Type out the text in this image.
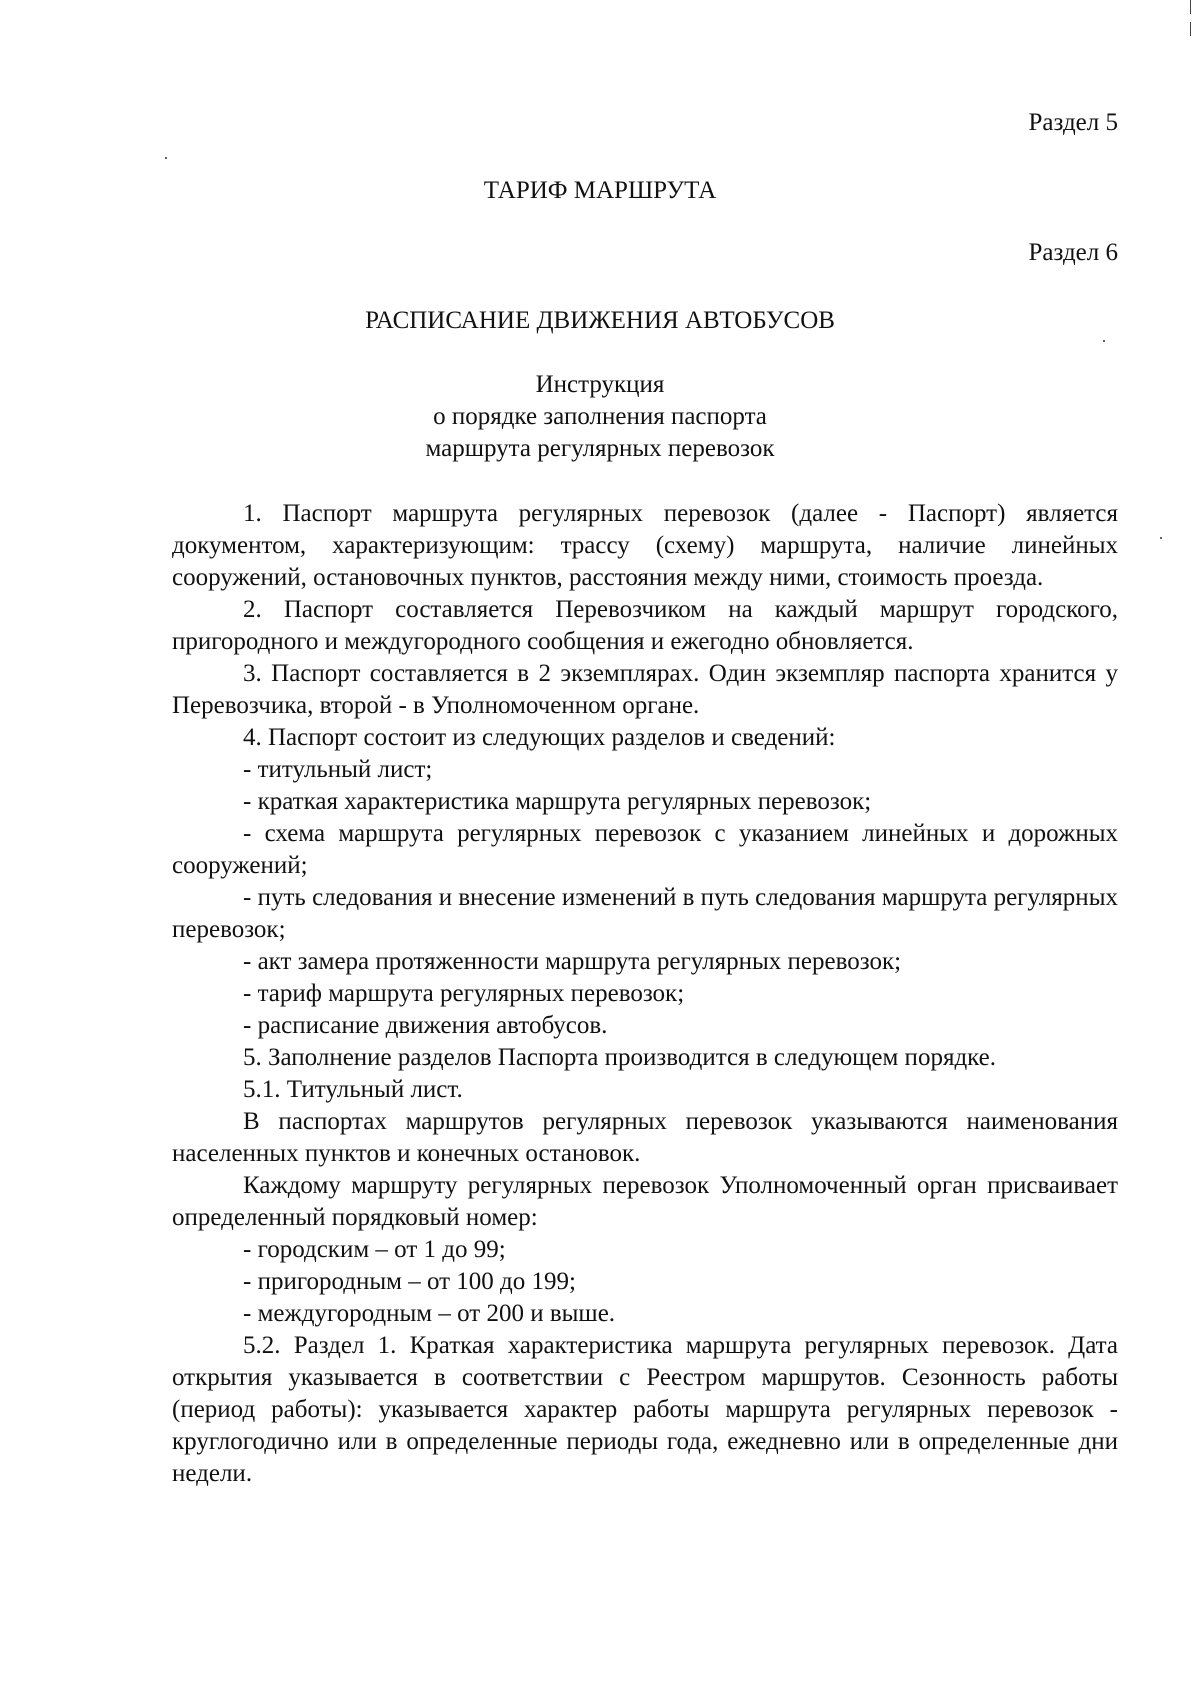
Раздел 5
ТАРИФ МАРШРУТА
Раздел 6
РАСПИСАНИЕ ДВИЖЕНИЯ АВТОБУСОВ
Инструкция
о порядке заполнения паспорта
маршрута регулярных перевозок

1. Паспорт маршрута регулярных перевозок (далее - Паспорт) является документом, характеризующим: трассу (схему) маршрута, наличие линейных сооружений, остановочных пунктов, расстояния между ними, стоимость проезда.

2. Паспорт составляется Перевозчиком на каждый маршрут городского, пригородного и междугородного сообщения и ежегодно обновляется.

3. Паспорт составляется в 2 экземплярах. Один экземпляр паспорта хранится у Перевозчика, второй - в Уполномоченном органе.

4. Паспорт состоит из следующих разделов и сведений:

- титульный лист;

- краткая характеристика маршрута регулярных перевозок;

- схема маршрута регулярных перевозок с указанием линейных и дорожных сооружений;

- путь следования и внесение изменений в путь следования маршрута регулярных перевозок;

- акт замера протяженности маршрута регулярных перевозок;

- тариф маршрута регулярных перевозок;

- расписание движения автобусов.

5. Заполнение разделов Паспорта производится в следующем порядке.

5.1. Титульный лист.

В паспортах маршрутов регулярных перевозок указываются наименования населенных пунктов и конечных остановок.

Каждому маршруту регулярных перевозок Уполномоченный орган присваивает определенный порядковый номер:

- городским – от 1 до 99;

- пригородным – от 100 до 199;

- междугородным – от 200 и выше.

5.2. Раздел 1. Краткая характеристика маршрута регулярных перевозок. Дата открытия указывается в соответствии с Реестром маршрутов. Сезонность работы (период работы): указывается характер работы маршрута регулярных перевозок - круглогодично или в определенные периоды года, ежедневно или в определенные дни недели.
